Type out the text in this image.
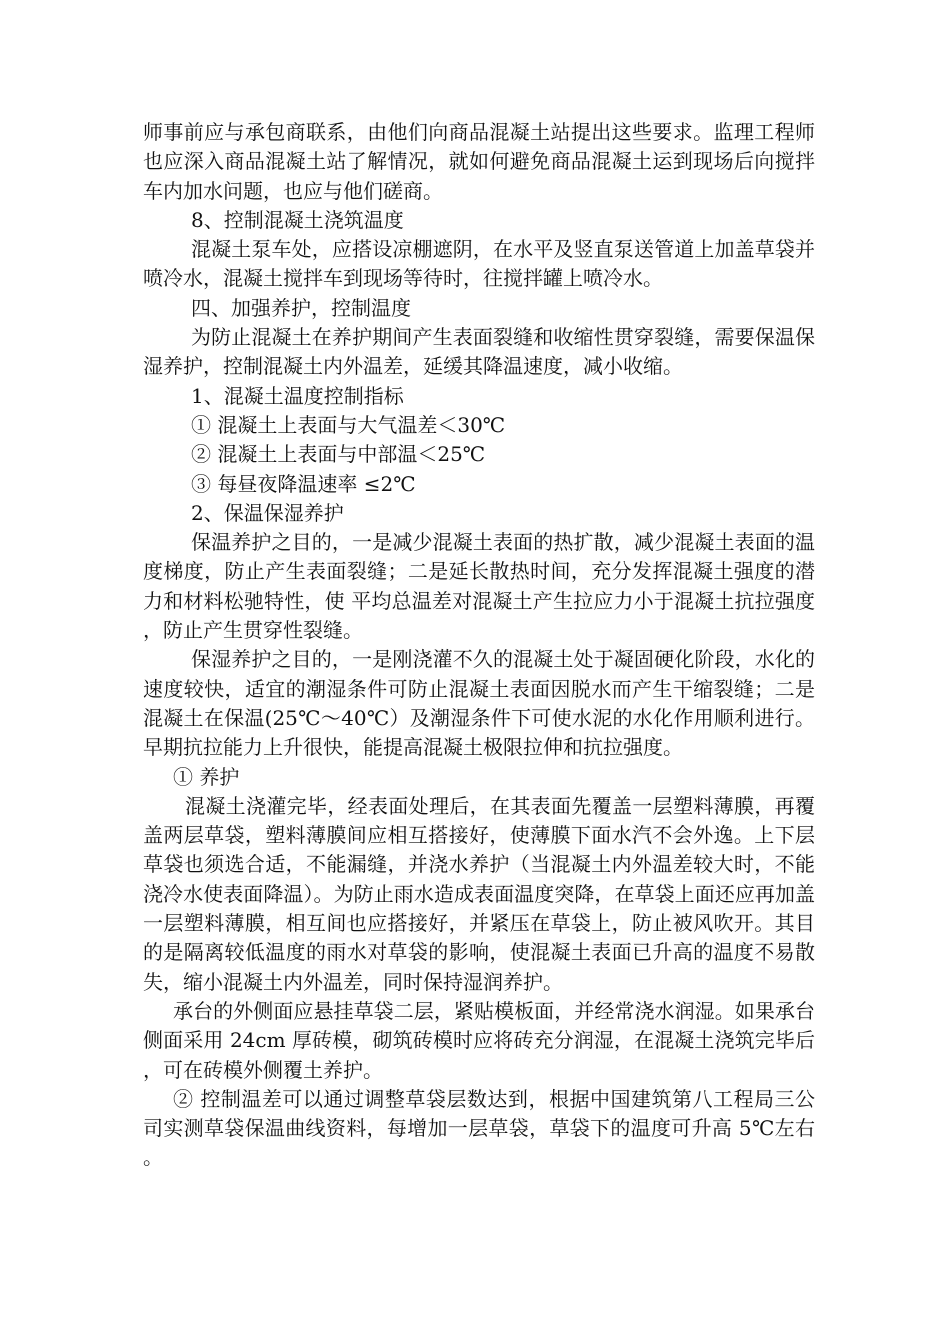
师事前应与承包商联系，由他们向商品混凝土站提出这些要求。监理工程师也应深入商品混凝土站了解情况，就如何避免商品混凝土运到现场后向搅拌车内加水问题，也应与他们磋商。

8、控制混凝土浇筑温度

混凝土泵车处，应搭设凉棚遮阴，在水平及竖直泵送管道上加盖草袋并喷冷水，混凝土搅拌车到现场等待时，往搅拌罐上喷冷水。

四、加强养护，控制温度

为防止混凝土在养护期间产生表面裂缝和收缩性贯穿裂缝，需要保温保湿养护，控制混凝土内外温差，延缓其降温速度，减小收缩。

1、混凝土温度控制指标

① 混凝土上表面与大气温差＜30℃

② 混凝土上表面与中部温＜25℃

③ 每昼夜降温速率 ≤2℃

2、保温保湿养护

保温养护之目的，一是减少混凝土表面的热扩散，减少混凝土表面的温度梯度，防止产生表面裂缝；二是延长散热时间，充分发挥混凝土强度的潜力和材料松驰特性，使 平均总温差对混凝土产生拉应力小于混凝土抗拉强度，防止产生贯穿性裂缝。

保湿养护之目的，一是刚浇灌不久的混凝土处于凝固硬化阶段，水化的速度较快，适宜的潮湿条件可防止混凝土表面因脱水而产生干缩裂缝；二是混凝土在保温(25℃～40℃）及潮湿条件下可使水泥的水化作用顺利进行。早期抗拉能力上升很快，能提高混凝土极限拉伸和抗拉强度。

① 养护

混凝土浇灌完毕，经表面处理后，在其表面先覆盖一层塑料薄膜，再覆盖两层草袋，塑料薄膜间应相互搭接好，使薄膜下面水汽不会外逸。上下层草袋也须选合适，不能漏缝，并浇水养护（当混凝土内外温差较大时，不能浇冷水使表面降温）。为防止雨水造成表面温度突降，在草袋上面还应再加盖一层塑料薄膜，相互间也应搭接好，并紧压在草袋上，防止被风吹开。其目的是隔离较低温度的雨水对草袋的影响，使混凝土表面已升高的温度不易散失，缩小混凝土内外温差，同时保持湿润养护。

承台的外侧面应悬挂草袋二层，紧贴模板面，并经常浇水润湿。如果承台侧面采用 24cm 厚砖模，砌筑砖模时应将砖充分润湿，在混凝土浇筑完毕后，可在砖模外侧覆土养护。

② 控制温差可以通过调整草袋层数达到，根据中国建筑第八工程局三公司实测草袋保温曲线资料，每增加一层草袋，草袋下的温度可升高 5℃左右。
